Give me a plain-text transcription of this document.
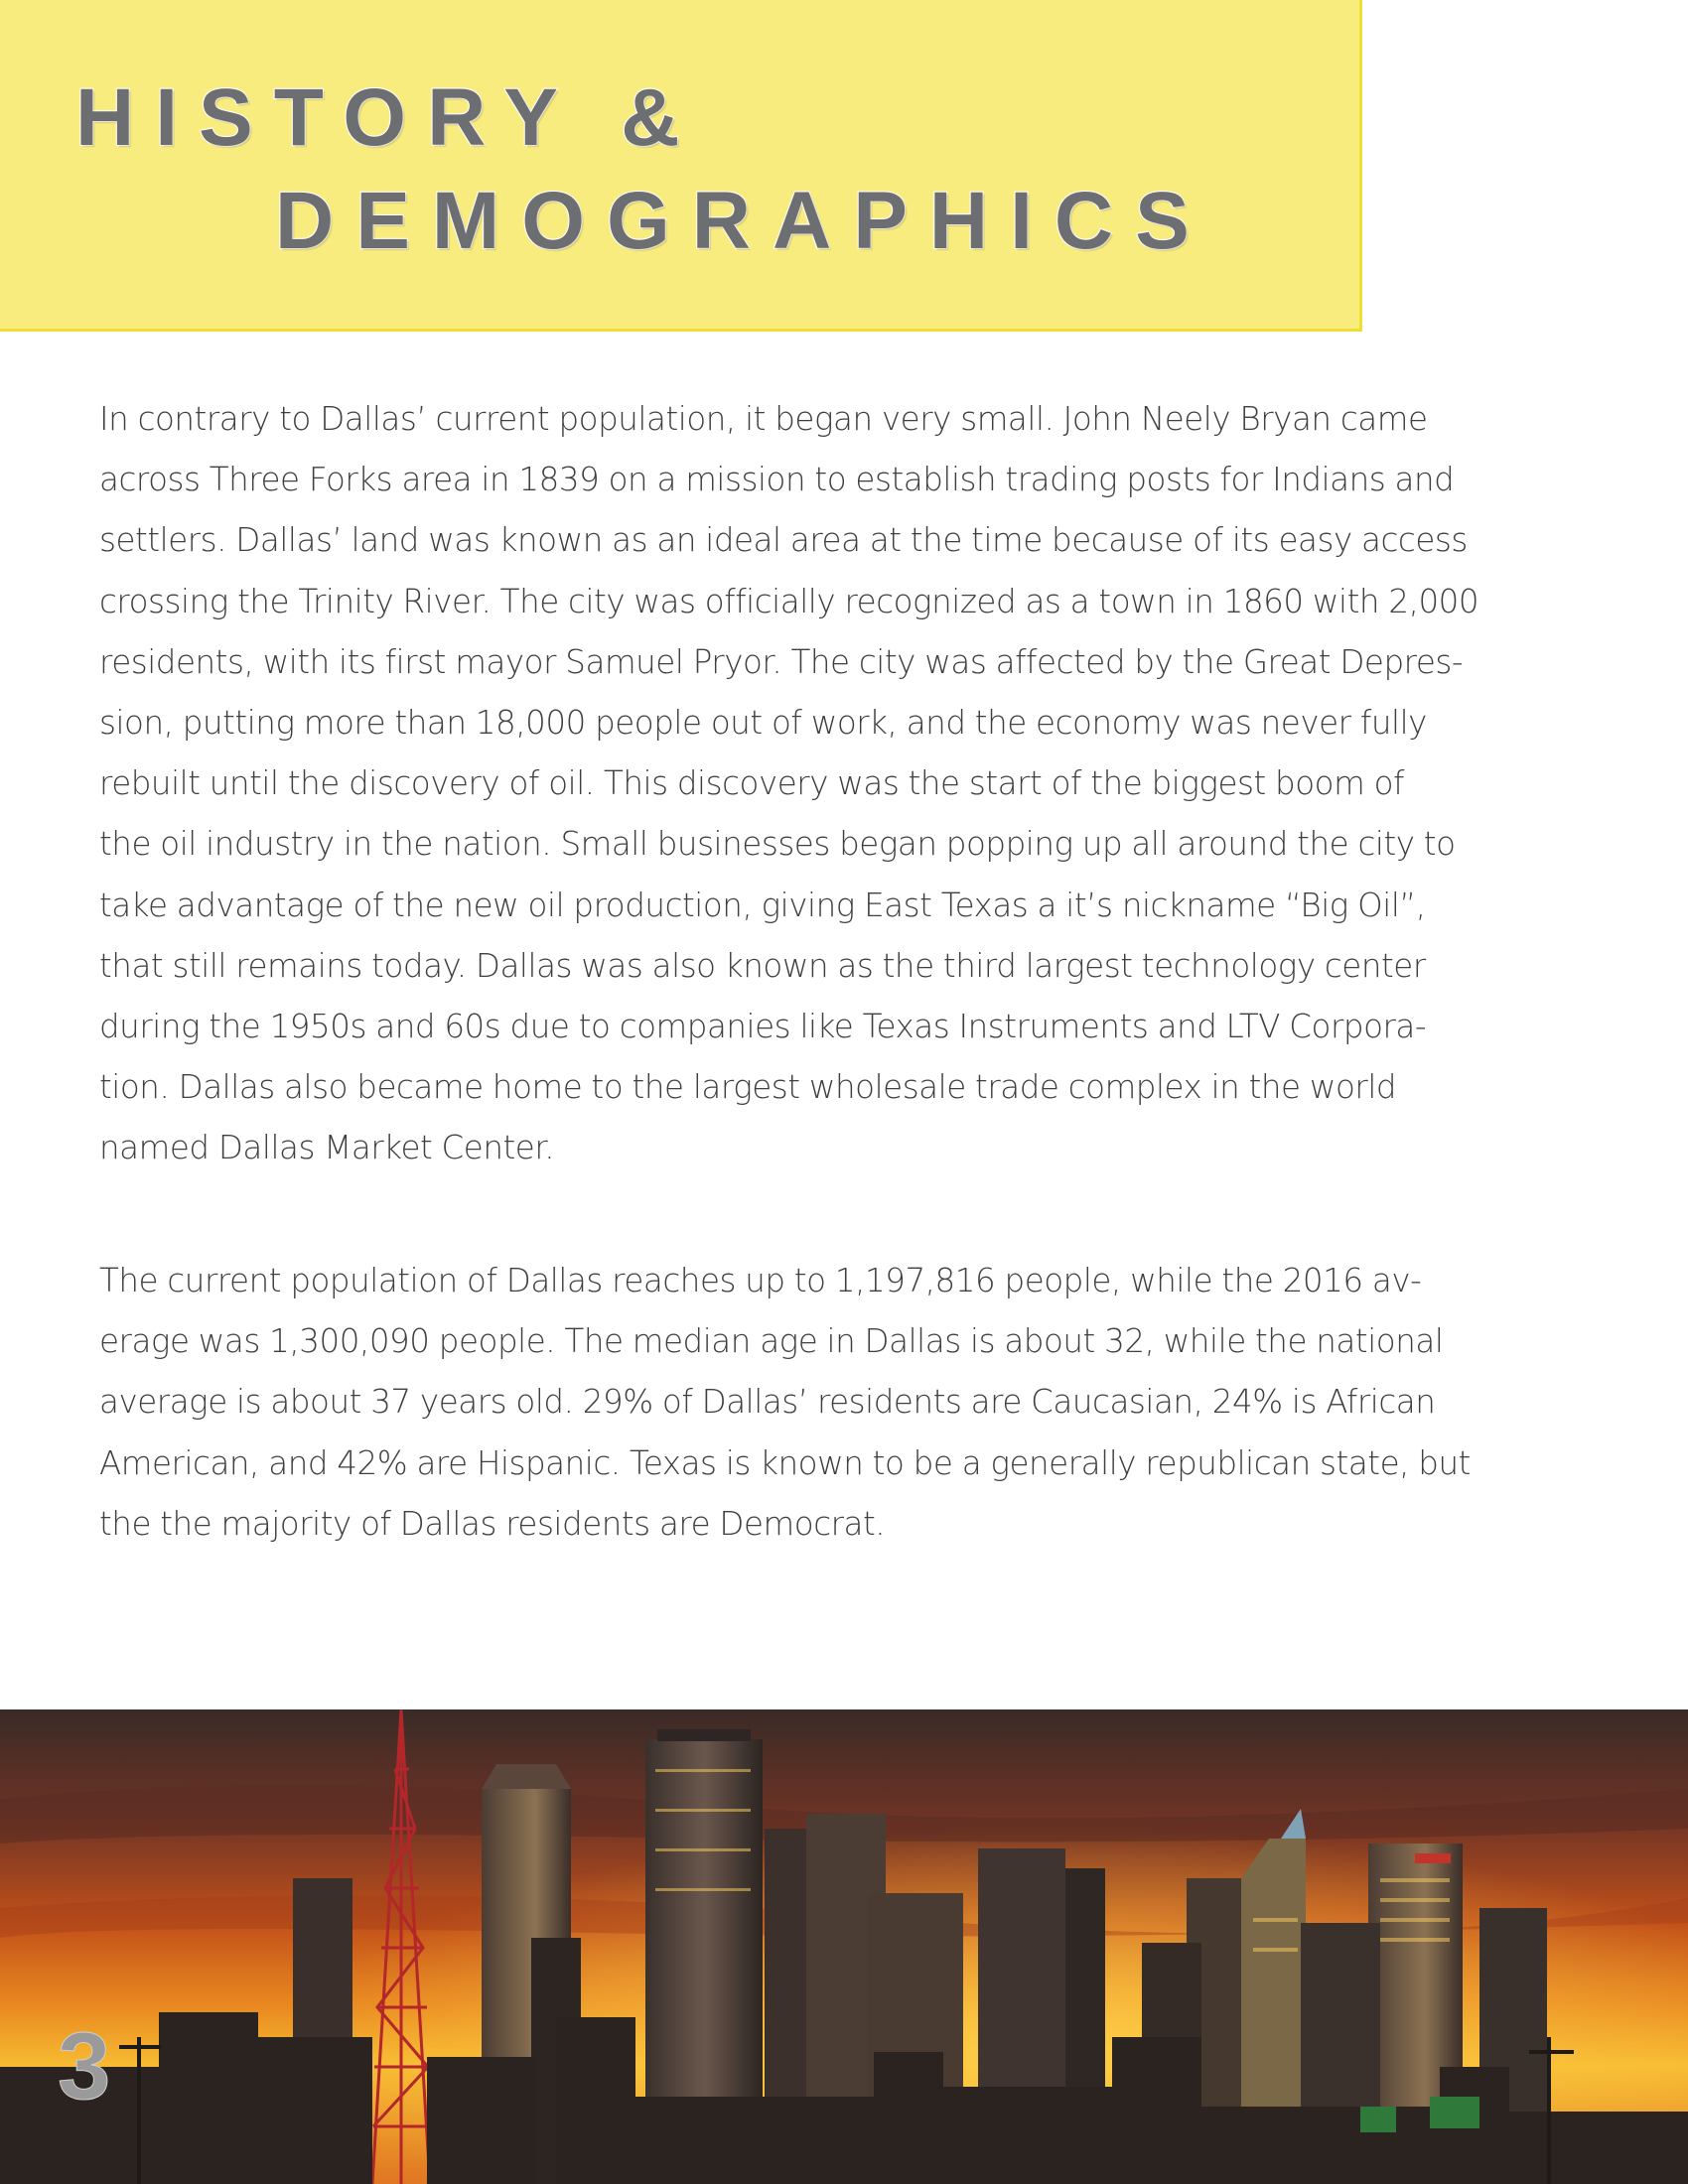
HISTORY &
DEMOGRAPHICS

In contrary to Dallas’ current population, it began very small. John Neely Bryan came
across Three Forks area in 1839 on a mission to establish trading posts for Indians and
settlers. Dallas’ land was known as an ideal area at the time because of its easy access
crossing the Trinity River. The city was officially recognized as a town in 1860 with 2,000
residents, with its first mayor Samuel Pryor. The city was affected by the Great Depres-
sion, putting more than 18,000 people out of work, and the economy was never fully
rebuilt until the discovery of oil. This discovery was the start of the biggest boom of
the oil industry in the nation. Small businesses began popping up all around the city to
take advantage of the new oil production, giving East Texas a it’s nickname “Big Oil”,
that still remains today. Dallas was also known as the third largest technology center
during the 1950s and 60s due to companies like Texas Instruments and LTV Corpora-
tion. Dallas also became home to the largest wholesale trade complex in the world
named Dallas Market Center.

The current population of Dallas reaches up to 1,197,816 people, while the 2016 av-
erage was 1,300,090 people. The median age in Dallas is about 32, while the national
average is about 37 years old. 29% of Dallas’ residents are Caucasian, 24% is African
American, and 42% are Hispanic. Texas is known to be a generally republican state, but
the the majority of Dallas residents are Democrat.

3
